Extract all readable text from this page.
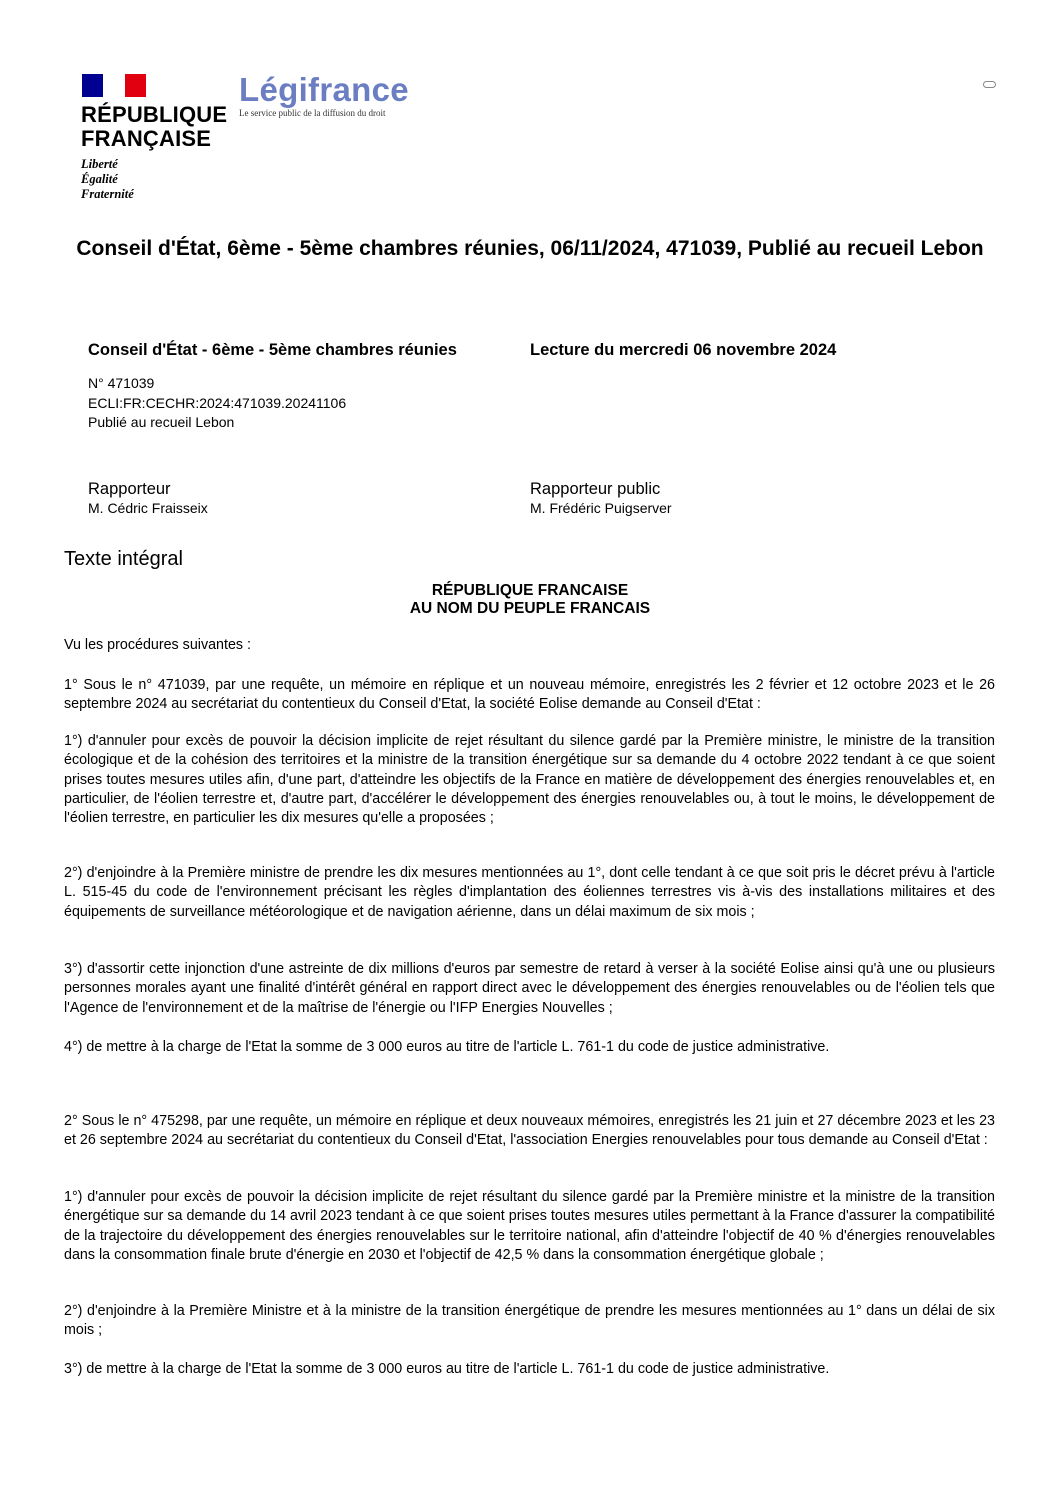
RÉPUBLIQUE
FRANÇAISE
Liberté
Égalité
Fraternité
Légifrance
Le service public de la diffusion du droit
Conseil d'État, 6ème - 5ème chambres réunies, 06/11/2024, 471039, Publié au recueil Lebon
Conseil d'État - 6ème - 5ème chambres réunies	Lecture du mercredi 06 novembre 2024
N° 471039
ECLI:FR:CECHR:2024:471039.20241106
Publié au recueil Lebon
Rapporteur
M. Cédric Fraisseix
Rapporteur public
M. Frédéric Puigserver
Texte intégral
RÉPUBLIQUE FRANCAISE
AU NOM DU PEUPLE FRANCAIS
Vu les procédures suivantes :
1° Sous le n° 471039, par une requête, un mémoire en réplique et un nouveau mémoire, enregistrés les 2 février et 12 octobre 2023 et le 26 septembre 2024 au secrétariat du contentieux du Conseil d'Etat, la société Eolise demande au Conseil d'Etat :
1°) d'annuler pour excès de pouvoir la décision implicite de rejet résultant du silence gardé par la Première ministre, le ministre de la transition écologique et de la cohésion des territoires et la ministre de la transition énergétique sur sa demande du 4 octobre 2022 tendant à ce que soient prises toutes mesures utiles afin, d'une part, d'atteindre les objectifs de la France en matière de développement des énergies renouvelables et, en particulier, de l'éolien terrestre et, d'autre part, d'accélérer le développement des énergies renouvelables ou, à tout le moins, le développement de l'éolien terrestre, en particulier les dix mesures qu'elle a proposées ;
2°) d'enjoindre à la Première ministre de prendre les dix mesures mentionnées au 1°, dont celle tendant à ce que soit pris le décret prévu à l'article L. 515-45 du code de l'environnement précisant les règles d'implantation des éoliennes terrestres vis à-vis des installations militaires et des équipements de surveillance météorologique et de navigation aérienne, dans un délai maximum de six mois ;
3°) d'assortir cette injonction d'une astreinte de dix millions d'euros par semestre de retard à verser à la société Eolise ainsi qu'à une ou plusieurs personnes morales ayant une finalité d'intérêt général en rapport direct avec le développement des énergies renouvelables ou de l'éolien tels que l'Agence de l'environnement et de la maîtrise de l'énergie ou l'IFP Energies Nouvelles ;
4°) de mettre à la charge de l'Etat la somme de 3 000 euros au titre de l'article L. 761-1 du code de justice administrative.
2° Sous le n° 475298, par une requête, un mémoire en réplique et deux nouveaux mémoires, enregistrés les 21 juin et 27 décembre 2023 et les 23 et 26 septembre 2024 au secrétariat du contentieux du Conseil d'Etat, l'association Energies renouvelables pour tous demande au Conseil d'Etat :
1°) d'annuler pour excès de pouvoir la décision implicite de rejet résultant du silence gardé par la Première ministre et la ministre de la transition énergétique sur sa demande du 14 avril 2023 tendant à ce que soient prises toutes mesures utiles permettant à la France d'assurer la compatibilité de la trajectoire du développement des énergies renouvelables sur le territoire national, afin d'atteindre l'objectif de 40 % d'énergies renouvelables dans la consommation finale brute d'énergie en 2030 et l'objectif de 42,5 % dans la consommation énergétique globale ;
2°) d'enjoindre à la Première Ministre et à la ministre de la transition énergétique de prendre les mesures mentionnées au 1° dans un délai de six mois ;
3°) de mettre à la charge de l'Etat la somme de 3 000 euros au titre de l'article L. 761-1 du code de justice administrative.
